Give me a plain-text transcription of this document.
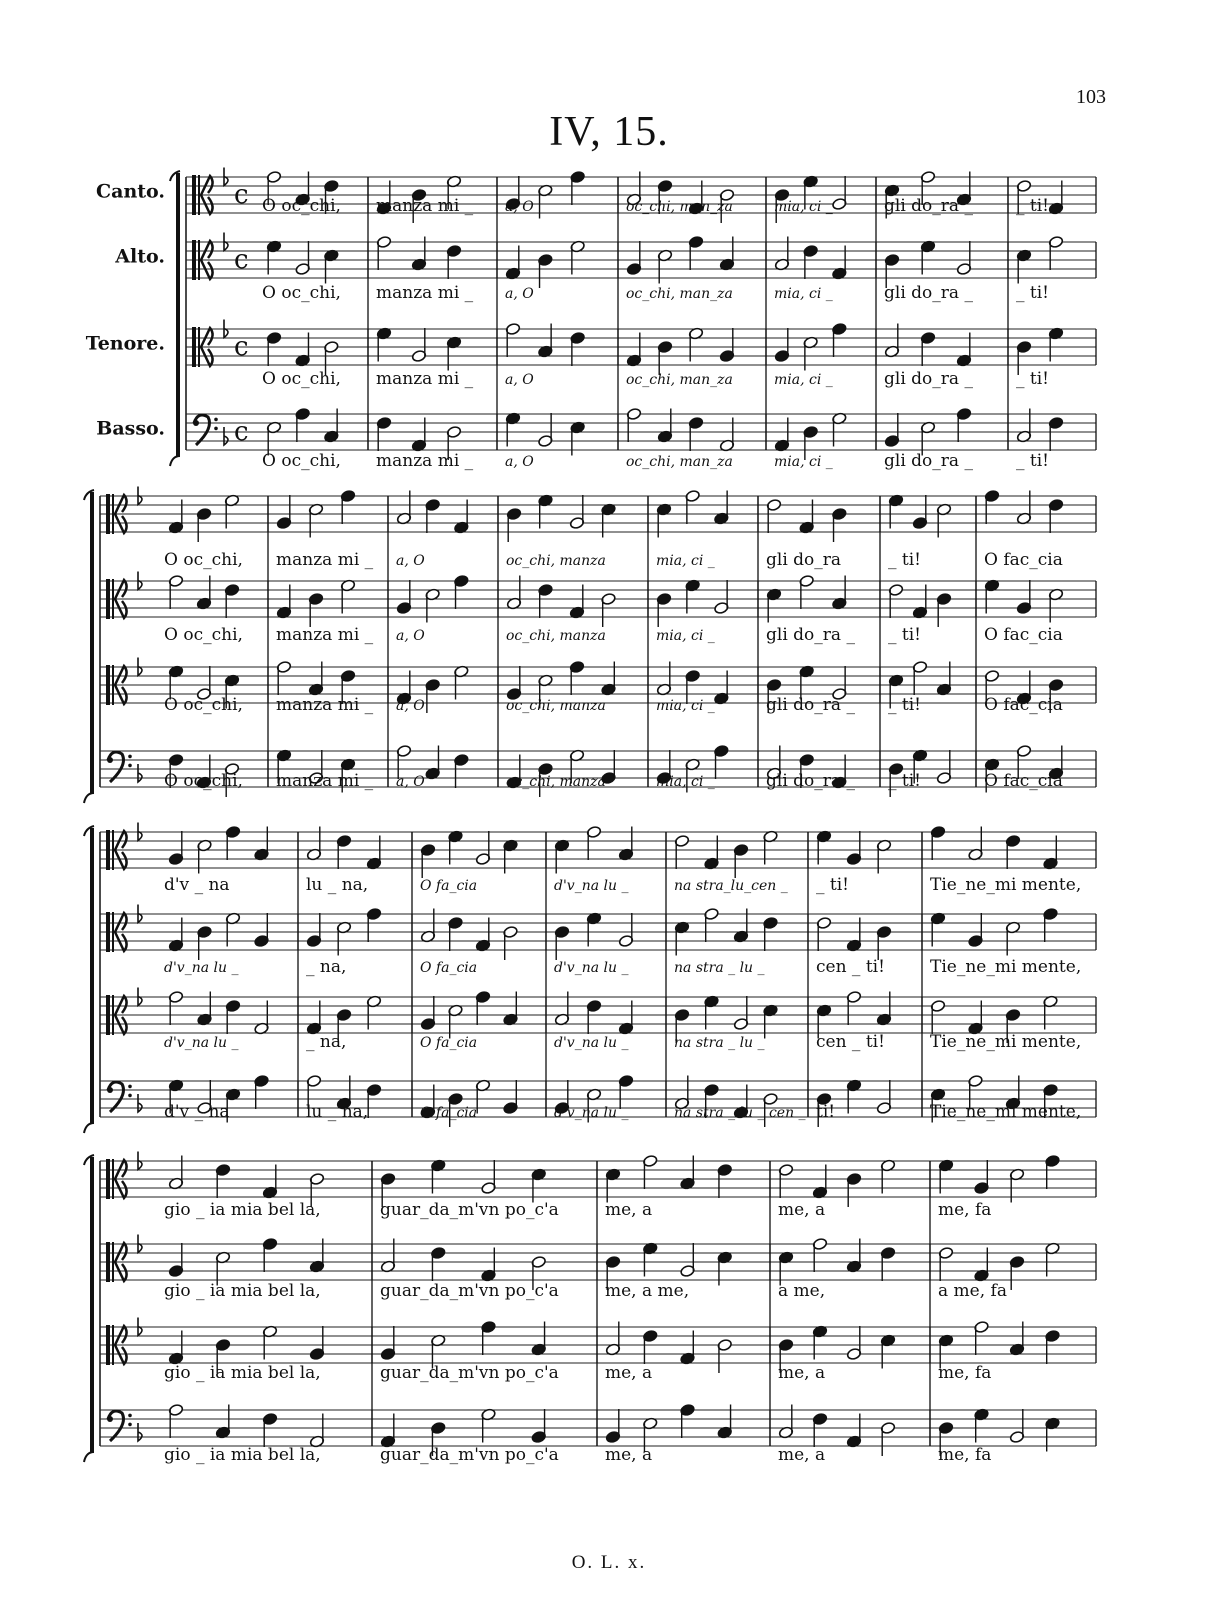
103
IV, 15.
O. L. x.
c
c
c
c
O oc_chi, manza mi _ a, O	oc_chi, man_za	mia, ci _	gli do_ra _	_ ti!
O oc_chi, manza mi _ a, O	oc_chi, man_za	mia, ci _	gli do_ra _	_ ti!
O oc_chi, manza mi _ a, O	oc_chi, man_za	mia, ci _	gli do_ra _	_ ti!
O oc_chi, manza mi _ a, O	oc_chi, man_za	mia, ci _	gli do_ra _	_ ti!
Canto.
Alto.
Tenore.
Basso.
O oc_chi, manza mi _ a, O	oc_chi, manza	mia, ci _	gli do_ra	_ ti!	O fac_cia
O oc_chi, manza mi _ a, O	oc_chi, manza	mia, ci _	gli do_ra _ _ ti!	O fac_cia
O oc_chi, manza mi _ a, O	oc_chi, manza	mia, ci _	gli do_ra _ _ ti!	O fac_cia
O oc_chi, manza mi _ a, O	oc_chi, manza	mia, ci _	gli do_ra _ _ ti!	O fac_cia
d'v _ na	lu _ na,	O fa_cia	d'v_na lu _	na stra_lu_cen _ _ ti!	Tie_ne_mi mente,
d'v_na lu _	_ na,	O fa_cia	d'v_na lu _	na stra _ lu _	cen _ ti!	Tie_ne_mi mente,
d'v_na lu _	_ na,	O fa_cia	d'v_na lu _	na stra _ lu _	cen _ ti!	Tie_ne_mi mente,
d'v _ na	lu _ na,	O fa_cia	d'v_na lu _	na stra _ lu _ cen _ ti!	Tie_ne_mi mente,
gio _ ia mia bel la,	guar_da_m'vn po_c'a	me, a	me, a	me, fa
gio _ ia mia bel la,	guar_da_m'vn po_c'a	me, a me,	a me,	a me, fa
gio _ ia mia bel la,	guar_da_m'vn po_c'a	me, a	me, a	me, fa
gio _ ia mia bel la,	guar_da_m'vn po_c'a	me, a	me, a	me, fa
